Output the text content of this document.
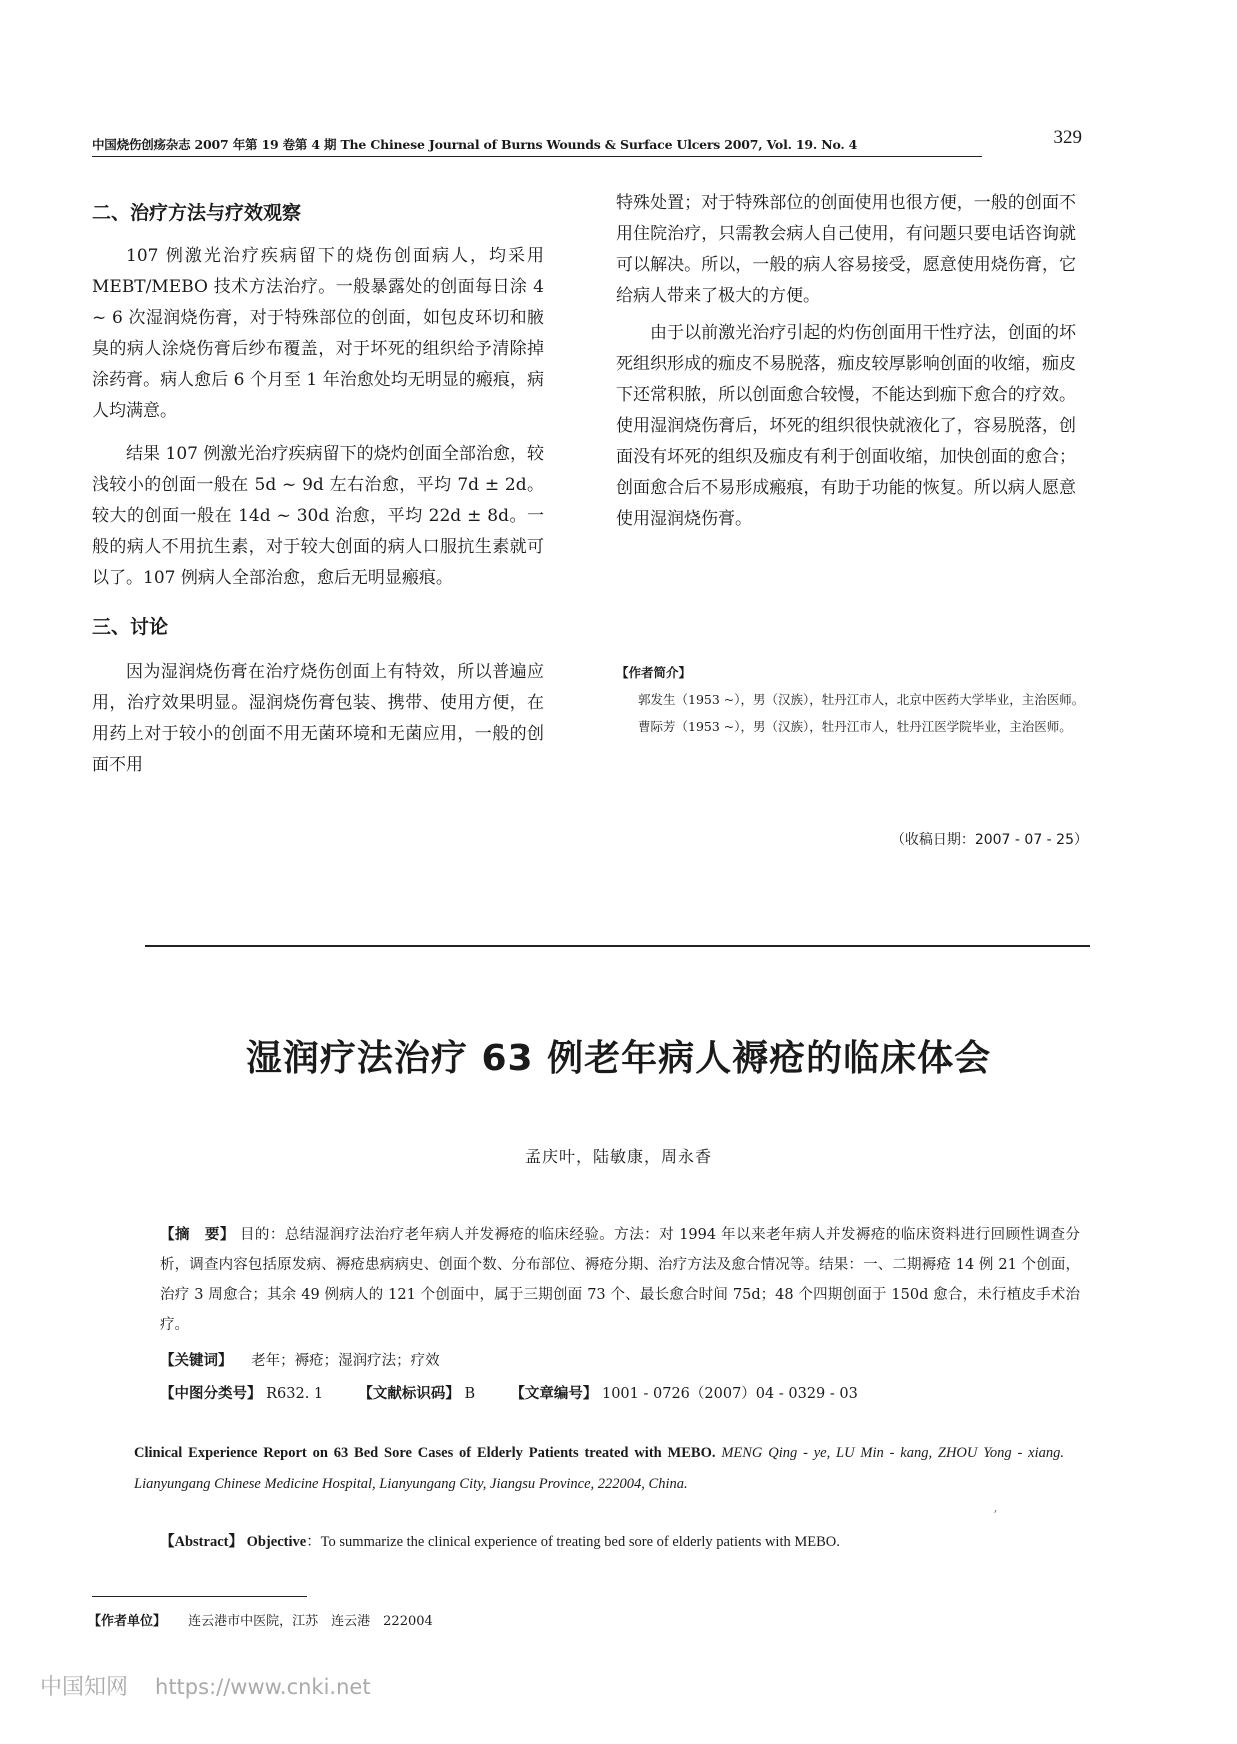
中国烧伤创疡杂志 2007 年第 19 卷第 4 期 The Chinese Journal of Burns Wounds & Surface Ulcers 2007, Vol. 19. No. 4	329
二、治疗方法与疗效观察

107 例激光治疗疾病留下的烧伤创面病人，均采用 MEBT/MEBO 技术方法治疗。一般暴露处的创面每日涂 4 ~ 6 次湿润烧伤膏，对于特殊部位的创面，如包皮环切和腋臭的病人涂烧伤膏后纱布覆盖，对于坏死的组织给予清除掉涂药膏。病人愈后 6 个月至 1 年治愈处均无明显的瘢痕，病人均满意。

结果 107 例激光治疗疾病留下的烧灼创面全部治愈，较浅较小的创面一般在 5d ~ 9d 左右治愈，平均 7d ± 2d。较大的创面一般在 14d ~ 30d 治愈，平均 22d ± 8d。一般的病人不用抗生素，对于较大创面的病人口服抗生素就可以了。107 例病人全部治愈，愈后无明显瘢痕。

三、讨论

因为湿润烧伤膏在治疗烧伤创面上有特效，所以普遍应用，治疗效果明显。湿润烧伤膏包装、携带、使用方便，在用药上对于较小的创面不用无菌环境和无菌应用，一般的创面不用

特殊处置；对于特殊部位的创面使用也很方便，一般的创面不用住院治疗，只需教会病人自己使用，有问题只要电话咨询就可以解决。所以，一般的病人容易接受，愿意使用烧伤膏，它给病人带来了极大的方便。

由于以前激光治疗引起的灼伤创面用干性疗法，创面的坏死组织形成的痂皮不易脱落，痂皮较厚影响创面的收缩，痂皮下还常积脓，所以创面愈合较慢，不能达到痂下愈合的疗效。使用湿润烧伤膏后，坏死的组织很快就液化了，容易脱落，创面没有坏死的组织及痂皮有利于创面收缩，加快创面的愈合；创面愈合后不易形成瘢痕，有助于功能的恢复。所以病人愿意使用湿润烧伤膏。

【作者简介】
郭发生（1953 ~），男（汉族），牡丹江市人，北京中医药大学毕业，主治医师。
曹际芳（1953 ~），男（汉族），牡丹江市人，牡丹江医学院毕业，主治医师。
（收稿日期：2007 - 07 - 25）
湿润疗法治疗 63 例老年病人褥疮的临床体会
孟庆叶，陆敏康，周永香
【摘　要】 目的：总结湿润疗法治疗老年病人并发褥疮的临床经验。方法：对 1994 年以来老年病人并发褥疮的临床资料进行回顾性调查分析，调查内容包括原发病、褥疮患病病史、创面个数、分布部位、褥疮分期、治疗方法及愈合情况等。结果：一、二期褥疮 14 例 21 个创面，治疗 3 周愈合；其余 49 例病人的 121 个创面中，属于三期创面 73 个、最长愈合时间 75d；48 个四期创面于 150d 愈合，未行植皮手术治疗。
【关键词】 老年；褥疮；湿润疗法；疗效
【中图分类号】 R632. 1 【文献标识码】 B 【文章编号】 1001 - 0726（2007）04 - 0329 - 03
Clinical Experience Report on 63 Bed Sore Cases of Elderly Patients treated with MEBO. MENG Qing - ye, LU Min - kang, ZHOU Yong - xiang. Lianyungang Chinese Medicine Hospital, Lianyungang City, Jiangsu Province, 222004, China.
【Abstract】 Objective：To summarize the clinical experience of treating bed sore of elderly patients with MEBO.
ʼ
【作者单位】 连云港市中医院，江苏　连云港　222004
中国知网 https://www.cnki.net
